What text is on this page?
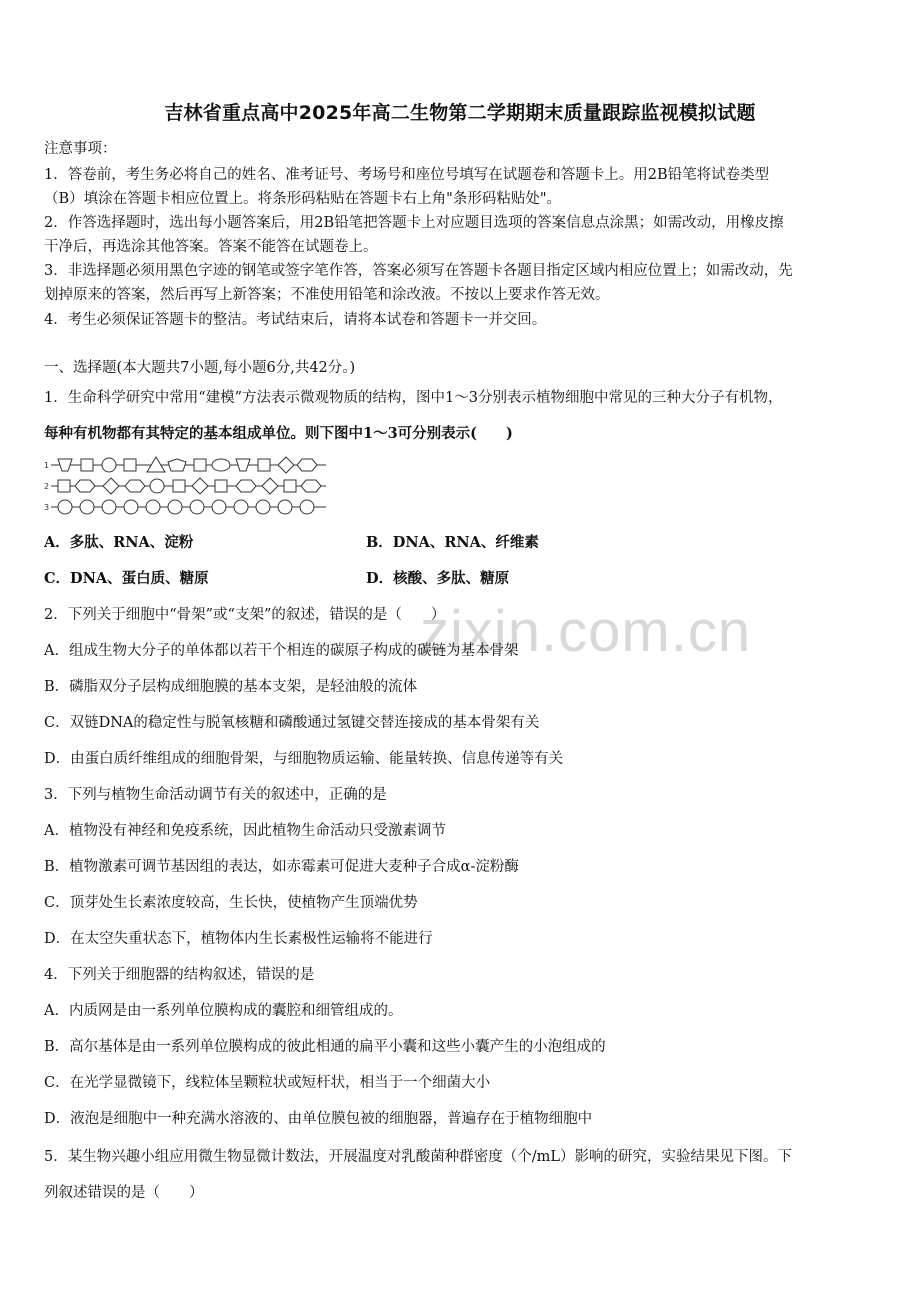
zixin.com.cn
吉林省重点高中2025年高二生物第二学期期末质量跟踪监视模拟试题
注意事项：
1．答卷前，考生务必将自己的姓名、准考证号、考场号和座位号填写在试题卷和答题卡上。用2B铅笔将试卷类型
（B）填涂在答题卡相应位置上。将条形码粘贴在答题卡右上角"条形码粘贴处"。
2．作答选择题时，选出每小题答案后，用2B铅笔把答题卡上对应题目选项的答案信息点涂黑；如需改动，用橡皮擦
干净后，再选涂其他答案。答案不能答在试题卷上。
3．非选择题必须用黑色字迹的钢笔或签字笔作答，答案必须写在答题卡各题目指定区域内相应位置上；如需改动，先
划掉原来的答案，然后再写上新答案；不准使用铅笔和涂改液。不按以上要求作答无效。
4．考生必须保证答题卡的整洁。考试结束后，请将本试卷和答题卡一并交回。
一、选择题(本大题共7小题,每小题6分,共42分。)
1．生命科学研究中常用“建模”方法表示微观物质的结构，图中1～3分别表示植物细胞中常见的三种大分子有机物，
每种有机物都有其特定的基本组成单位。则下图中1～3可分别表示(　　)
1
2
3
A．多肽、RNA、淀粉	B．DNA、RNA、纤维素
C．DNA、蛋白质、糖原	D．核酸、多肽、糖原
2．下列关于细胞中“骨架”或“支架”的叙述，错误的是（　　）
A．组成生物大分子的单体都以若干个相连的碳原子构成的碳链为基本骨架
B．磷脂双分子层构成细胞膜的基本支架，是轻油般的流体
C．双链DNA的稳定性与脱氧核糖和磷酸通过氢键交替连接成的基本骨架有关
D．由蛋白质纤维组成的细胞骨架，与细胞物质运输、能量转换、信息传递等有关
3．下列与植物生命活动调节有关的叙述中，正确的是
A．植物没有神经和免疫系统，因此植物生命活动只受激素调节
B．植物激素可调节基因组的表达，如赤霉素可促进大麦种子合成α-淀粉酶
C．顶芽处生长素浓度较高，生长快，使植物产生顶端优势
D．在太空失重状态下，植物体内生长素极性运输将不能进行
4．下列关于细胞器的结构叙述，错误的是
A．内质网是由一系列单位膜构成的囊腔和细管组成的。
B．高尔基体是由一系列单位膜构成的彼此相通的扁平小囊和这些小囊产生的小泡组成的
C．在光学显微镜下，线粒体呈颗粒状或短杆状，相当于一个细菌大小
D．液泡是细胞中一种充满水溶液的、由单位膜包被的细胞器，普遍存在于植物细胞中
5．某生物兴趣小组应用微生物显微计数法，开展温度对乳酸菌种群密度（个/mL）影响的研究，实验结果见下图。下
列叙述错误的是（　　）
